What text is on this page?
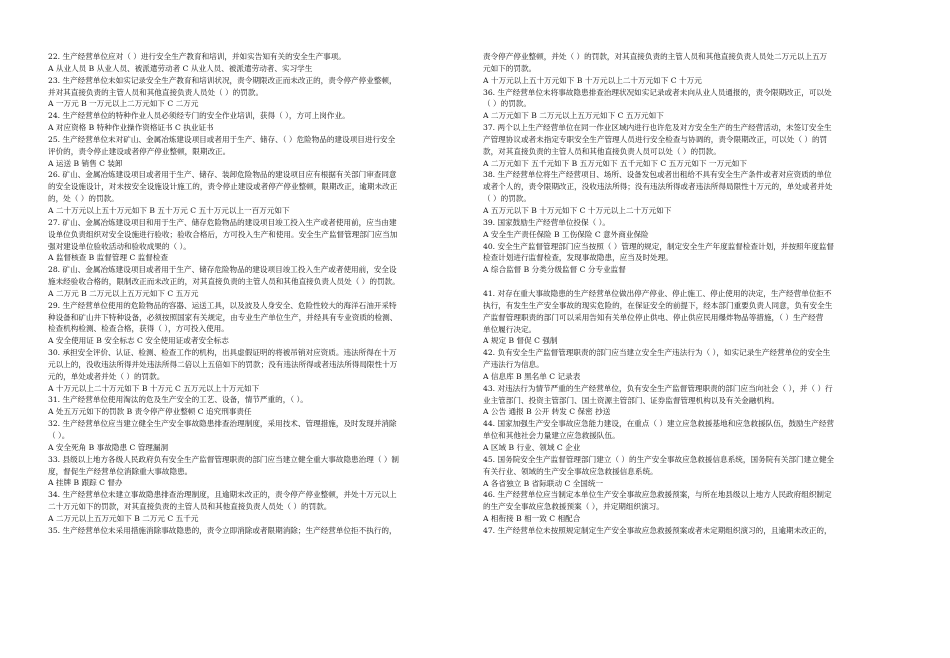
22. 生产经营单位应对（ ）进行安全生产教育和培训，并如实告知有关的安全生产事项。
A 从业人员 B 从业人员、被派遣劳动者 C 从业人员、被派遣劳动者、实习学生
23. 生产经营单位未如实记录安全生产教育和培训状况，责令期限改正而未改正的，责令停产停业整顿，
并对其直接负责的主管人员和其他直接负责人员处（ ）的罚款。
A 一万元 B 一万元以上二万元如下 C 二万元
24. 生产经营单位的特种作业人员必须经专门的安全作业培训，获得（ ），方可上岗作业。
A 对应资格 B 特种作业操作资格证书 C 执业证书
25. 生产经营单位未对矿山、金属冶炼建设项目或者用于生产、储存、（ ）危险物品的建设项目进行安全
评价的，责令停止建设或者停产停业整顿，限期改正。
A 运送 B 销售 C 装卸
26. 矿山、金属冶炼建设项目或者用于生产、储存、装卸危险物品的建设项目应有根据有关部门审查同意
的安全设施设计，对未按安全设施设计施工的，责令停止建设或者停产停业整顿，限期改正，逾期未改正
的，处（ ）的罚款。
A 二十万元以上五十万元如下 B 五十万元 C 五十万元以上一百万元如下
27. 矿山、金属冶炼建设项目和用于生产、储存危险物品的建设项目竣工投入生产或者使用前，应当由建
设单位负责组织对安全设施进行验收；验收合格后，方可投入生产和使用。安全生产监督管理部门应当加
强对建设单位验收活动和验收成果的（ ）。
A 监督核查 B 监督管理 C 监督检查
28. 矿山、金属冶炼建设项目或者用于生产、储存危险物品的建设项目竣工投入生产或者使用前，安全设
施未经验收合格的，限制改正而未改正的，对其直接负责的主管人员和其他直接负责人员处（ ）的罚款。
A 二万元 B 二万元以上五万元如下 C 五万元
29. 生产经营单位使用的危险物品的容器、运送工具，以及波及人身安全、危险性较大的海洋石油开采特
种设备和矿山井下特种设备，必须按照国家有关规定，由专业生产单位生产，并经具有专业资质的检测、
检查机构检测、检查合格，获得（ ），方可投入使用。
A 安全使用证 B 安全标志 C 安全使用证或者安全标志
30. 承担安全评价、认证、检测、检查工作的机构，出具虚假证明的将被吊销对应资质。违法所得在十万
元以上的，没收违法所得并处违法所得二倍以上五倍如下的罚款；没有违法所得或者违法所得局限性十万
元的，单处或者并处（ ）的罚款。
A 十万元以上二十万元如下 B 十万元 C 五万元以上十万元如下
31. 生产经营单位使用淘汰的危及生产安全的工艺、设备，情节严重的，（ ）。
A 处五万元如下的罚款 B 责令停产停业整顿 C 追究刑事责任
32. 生产经营单位应当建立健全生产安全事故隐患排查治理制度，采用技术、管理措施，及时发现并消除
（ ）。
A 安全死角 B 事故隐患 C 管理漏洞
33. 县级以上地方各级人民政府负有安全生产监督管理职责的部门应当建立健全重大事故隐患治理（ ）制
度，督促生产经营单位消除重大事故隐患。
A 挂牌 B 跟踪 C 督办
34. 生产经营单位未建立事故隐患排查治理制度，且逾期未改正的，责令停产停业整顿，并处十万元以上
二十万元如下的罚款，对其直接负责的主管人员和其他直接负责人员处（ ）的罚款。
A 二万元以上五万元如下 B 二万元 C 五千元
35. 生产经营单位未采用措施消除事故隐患的，责令立即消除或者限期消除；生产经营单位拒不执行的，
责令停产停业整顿，并处（ ）的罚款，对其直接负责的主管人员和其他直接负责人员处二万元以上五万
元如下的罚款。
A 十万元以上五十万元如下 B 十万元以上二十万元如下 C 十万元
36. 生产经营单位未将事故隐患排查治理状况如实记录或者未向从业人员通报的，责令限期改正，可以处
（ ）的罚款。
A 二万元如下 B 二万元以上五万元如下 C 五万元如下
37. 两个以上生产经营单位在同一作业区域内进行也许危及对方安全生产的生产经营活动，未签订安全生
产管理协议或者未指定专职安全生产管理人员进行安全检查与协调的，责令限期改正，可以处（ ）的罚
款，对其直接负责的主管人员和其他直接负责人员可以处（ ）的罚款。
A 二万元如下 五千元如下 B 五万元如下 五千元如下 C 五万元如下 一万元如下
38. 生产经营单位将生产经营项目、场所、设备发包或者出租给不具有安全生产条件或者对应资质的单位
或者个人的，责令限期改正，没收违法所得；没有违法所得或者违法所得局限性十万元的，单处或者并处
（ ）的罚款。
A 五万元以下 B 十万元如下 C 十万元以上二十万元如下
39. 国家鼓励生产经营单位投保（ ）。
A 安全生产责任保险 B 工伤保险 C 意外商业保险
40. 安全生产监督管理部门应当按照（ ）管理的规定，制定安全生产年度监督检查计划，并按照年度监督
检查计划进行监督检查，发现事故隐患，应当及时处理。
A 综合监督 B 分类分级监督 C 分专业监督
41. 对存在重大事故隐患的生产经营单位做出停产停业、停止施工、停止使用的决定，生产经营单位拒不
执行，有发生生产安全事故的现实危险的，在保证安全的前提下，经本部门重要负责人同意，负有安全生
产监督管理职责的部门可以采用告知有关单位停止供电、停止供应民用爆炸物品等措施，（ ）生产经营
单位履行决定。
A 规定 B 督促 C 强制
42. 负有安全生产监督管理职责的部门应当建立安全生产违法行为（ ），如实记录生产经营单位的安全生
产违法行为信息。
A 信息库 B 黑名单 C 记录表
43. 对违法行为情节严重的生产经营单位，负有安全生产监督管理职责的部门应当向社会（ ），并（ ）行
业主管部门、投资主管部门、国土资源主管部门、证券监督管理机构以及有关金融机构。
A 公告 通报 B 公开 转发 C 保密 抄送
44. 国家加强生产安全事故应急能力建设，在重点（ ）建立应急救援基地和应急救援队伍，鼓励生产经营
单位和其他社会力量建立应急救援队伍。
A 区域 B 行业、领域 C 企业
45. 国务院安全生产监督管理部门建立（ ）的生产安全事故应急救援信息系统，国务院有关部门建立健全
有关行业、领域的生产安全事故应急救援信息系统。
A 各省独立 B 省际联动 C 全国统一
46. 生产经营单位应当制定本单位生产安全事故应急救援预案，与所在地县级以上地方人民政府组织制定
的生产安全事故应急救援预案（ ），并定期组织演习。
A 相衔接 B 相一致 C 相配合
47. 生产经营单位未按照规定制定生产安全事故应急救援预案或者未定期组织演习的，且逾期未改正的，
